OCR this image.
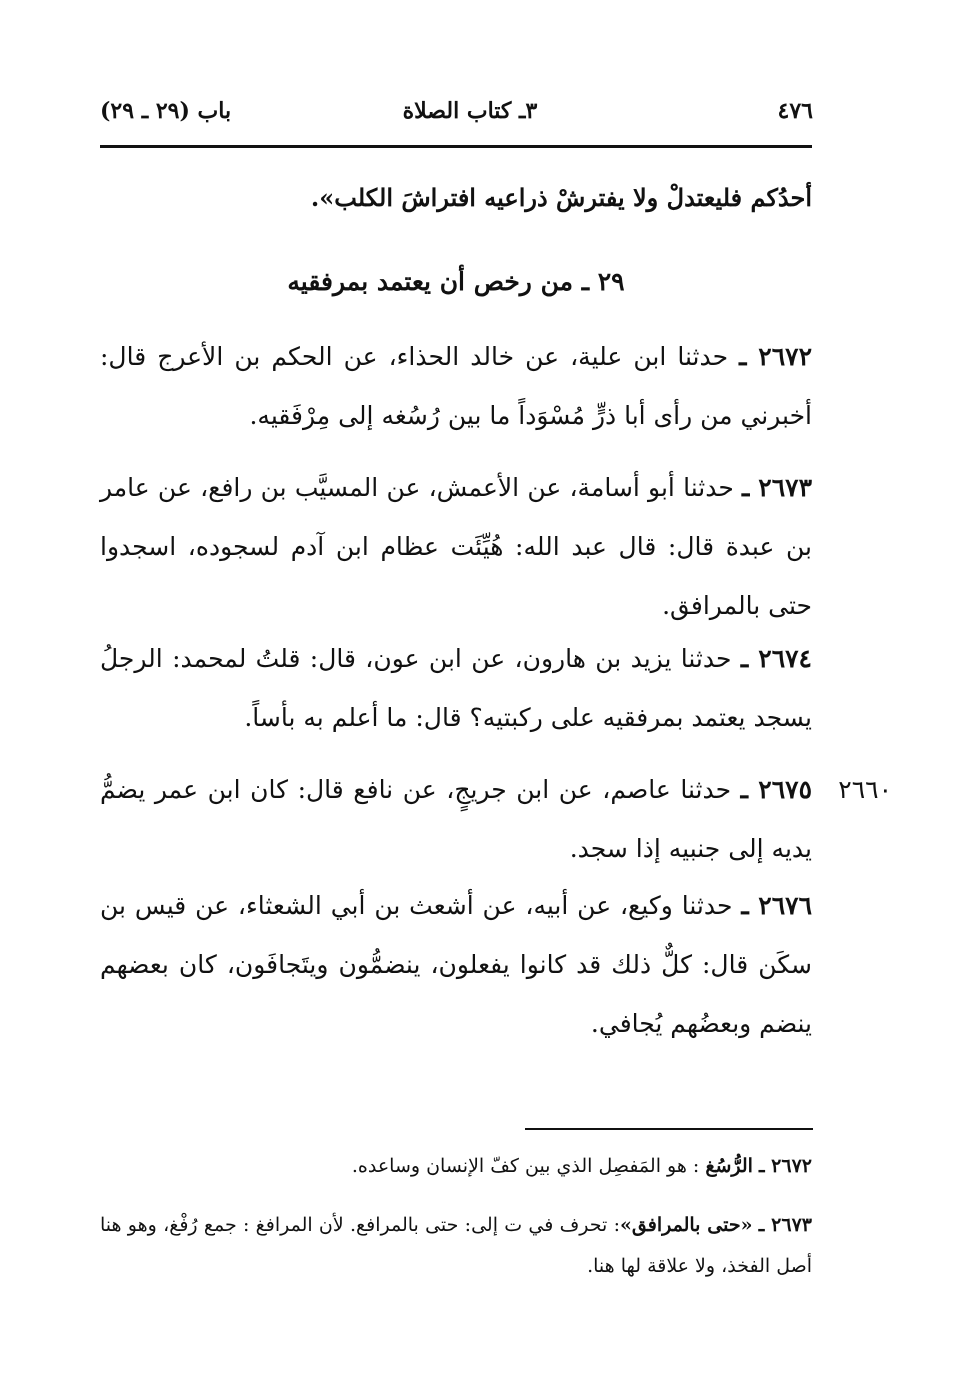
٤٧٦
٣ـ كتاب الصلاة
باب (٢٩ ـ ٢٩)
أحدُكم فليعتدلْ ولا يفترشْ ذراعيه افتراشَ الكلب».
٢٩ ـ من رخص أن يعتمد بمرفقيه

٢٦٧٢ ـ حدثنا ابن علية، عن خالد الحذاء، عن الحكم بن الأعرج قال: أخبرني من رأى أبا ذرٍّ مُسْوَداً ما بين رُسُغه إلى مِرْفَقيه.

٢٦٧٣ ـ حدثنا أبو أسامة، عن الأعمش، عن المسيَّب بن رافع، عن عامر بن عبدة قال: قال عبد الله: هُيِّئَت عظام ابن آدم لسجوده، اسجدوا حتى بالمرافق.

٢٦٧٤ ـ حدثنا يزيد بن هارون، عن ابن عون، قال: قلتُ لمحمد: الرجلُ يسجد يعتمد بمرفقيه على ركبتيه؟ قال: ما أعلم به بأساً.

٢٦٦٠

٢٦٧٥ ـ حدثنا عاصم، عن ابن جريجٍ، عن نافع قال: كان ابن عمر يضمُّ يديه إلى جنبيه إذا سجد.

٢٦٧٦ ـ حدثنا وكيع، عن أبيه، عن أشعث بن أبي الشعثاء، عن قيس بن سكَن قال: كلٌّ ذلك قد كانوا يفعلون، ينضمُّون ويتَجافَون، كان بعضهم ينضم وبعضُهم يُجافي.

٢٦٧٢ ـ الرُّسُغ : هو المَفصِل الذي بين كفّ الإنسان وساعده.

٢٦٧٣ ـ «حتى بالمرافق»: تحرف في ت إلى: حتى بالمرافع. لأن المرافغ : جمع رُفْغ، وهو هنا أصل الفخذ، ولا علاقة لها هنا.
